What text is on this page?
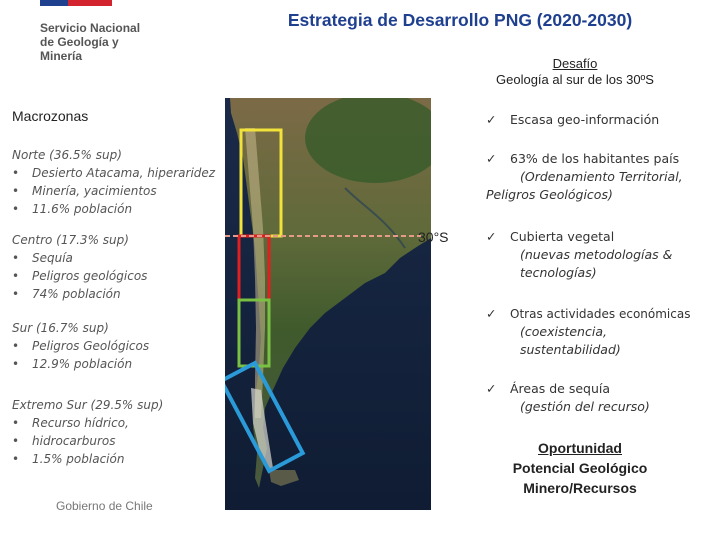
Servicio Nacional
de Geología y
Minería
Estrategia de Desarrollo PNG (2020-2030)
Desafío
Geología al sur de los 30ºS
Macrozonas
Norte (36.5% sup)
• Desierto Atacama, hiperaridez
• Minería, yacimientos
• 11.6% población
Centro (17.3% sup)
• Sequía
• Peligros geológicos
• 74% población
Sur (16.7% sup)
• Peligros Geológicos
• 12.9% población
Extremo Sur (29.5% sup)
• Recurso hídrico,
• hidrocarburos
• 1.5% población
Gobierno de Chile
30°S
✓ Escasa geo-información
✓ 63% de los habitantes país
(Ordenamiento Territorial,
Peligros Geológicos)
✓ Cubierta vegetal
(nuevas metodologías &
tecnologías)
✓ Otras actividades económicas
(coexistencia,
sustentabilidad)
✓ Áreas de sequía
(gestión del recurso)
Oportunidad
Potencial Geológico
Minero/Recursos
